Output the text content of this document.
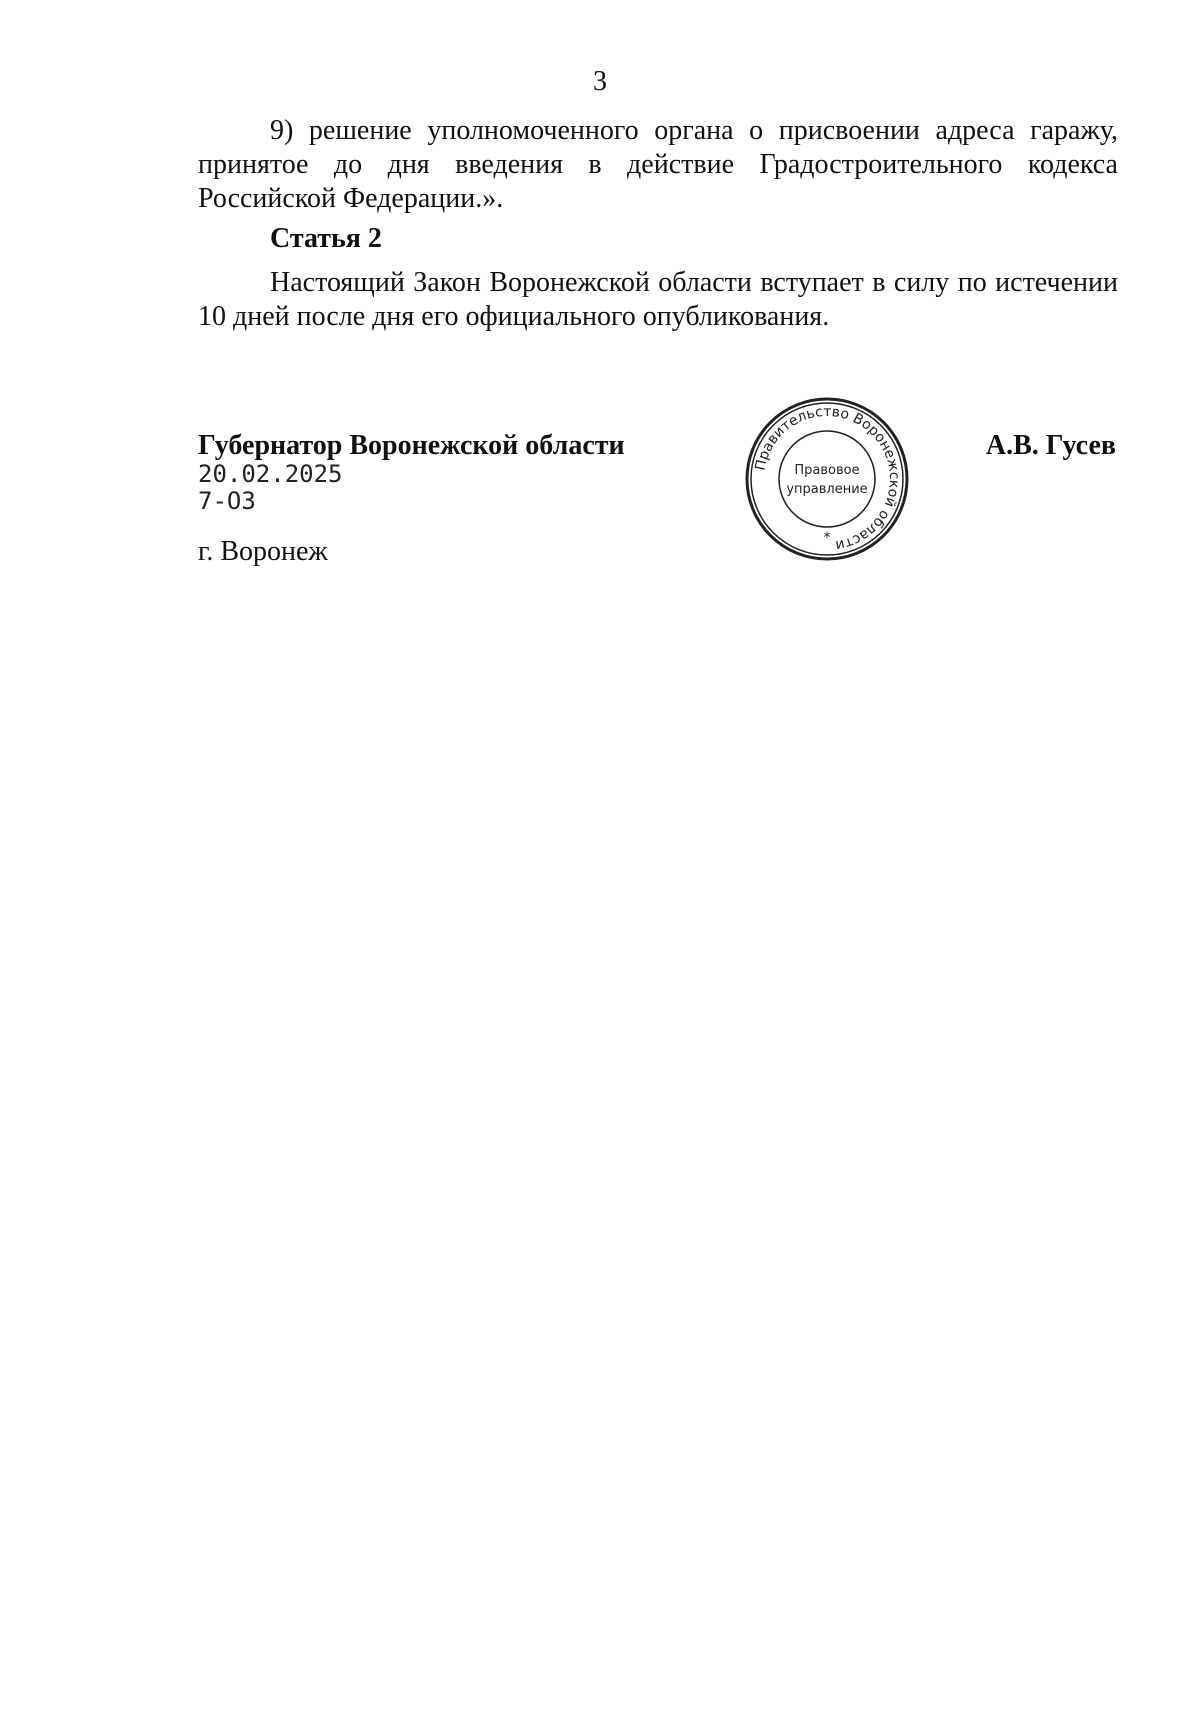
3

9) решение уполномоченного органа о присвоении адреса гаражу, принятое до дня введения в действие Градостроительного кодекса Российской Федерации.».

Статья 2

Настоящий Закон Воронежской области вступает в силу по истечении 10 дней после дня его официального опубликования.

Губернатор Воронежской области
Правительство Воронежской области
Правовое
управление
*
А.В. Гусев
20.02.2025
7-ОЗ
г. Воронеж
